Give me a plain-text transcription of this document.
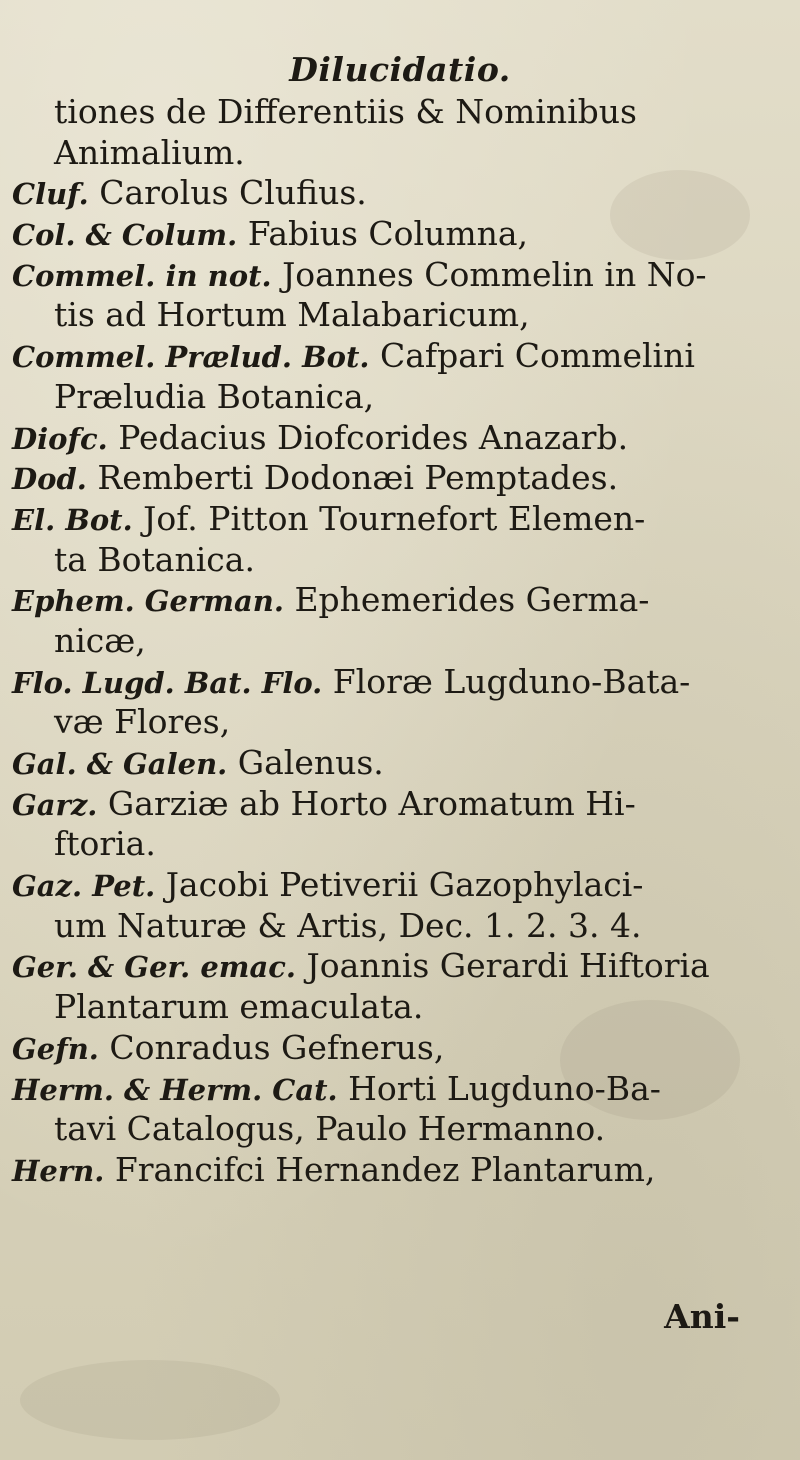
Dilucidatio.
tiones de Differentiis & Nominibus
Animalium.
Cluf. Carolus Clufius.
Col. & Colum. Fabius Columna,
Commel. in not. Joannes Commelin in No-
tis ad Hortum Malabaricum,
Commel. Prælud. Bot. Cafpari Commelini
Præludia Botanica,
Diofc. Pedacius Diofcorides Anazarb.
Dod. Remberti Dodonæi Pemptades.
El. Bot. Jof. Pitton Tournefort Elemen-
ta Botanica.
Ephem. German. Ephemerides Germa-
nicæ,
Flo. Lugd. Bat. Flo. Floræ Lugduno-Bata-
væ Flores,
Gal. & Galen. Galenus.
Garz. Garziæ ab Horto Aromatum Hi-
ftoria.
Gaz. Pet. Jacobi Petiverii Gazophylaci-
um Naturæ & Artis, Dec. 1. 2. 3. 4.
Ger. & Ger. emac. Joannis Gerardi Hiftoria
Plantarum emaculata.
Gefn. Conradus Gefnerus,
Herm. & Herm. Cat. Horti Lugduno-Ba-
tavi Catalogus, Paulo Hermanno.
Hern. Francifci Hernandez Plantarum,
Ani-
